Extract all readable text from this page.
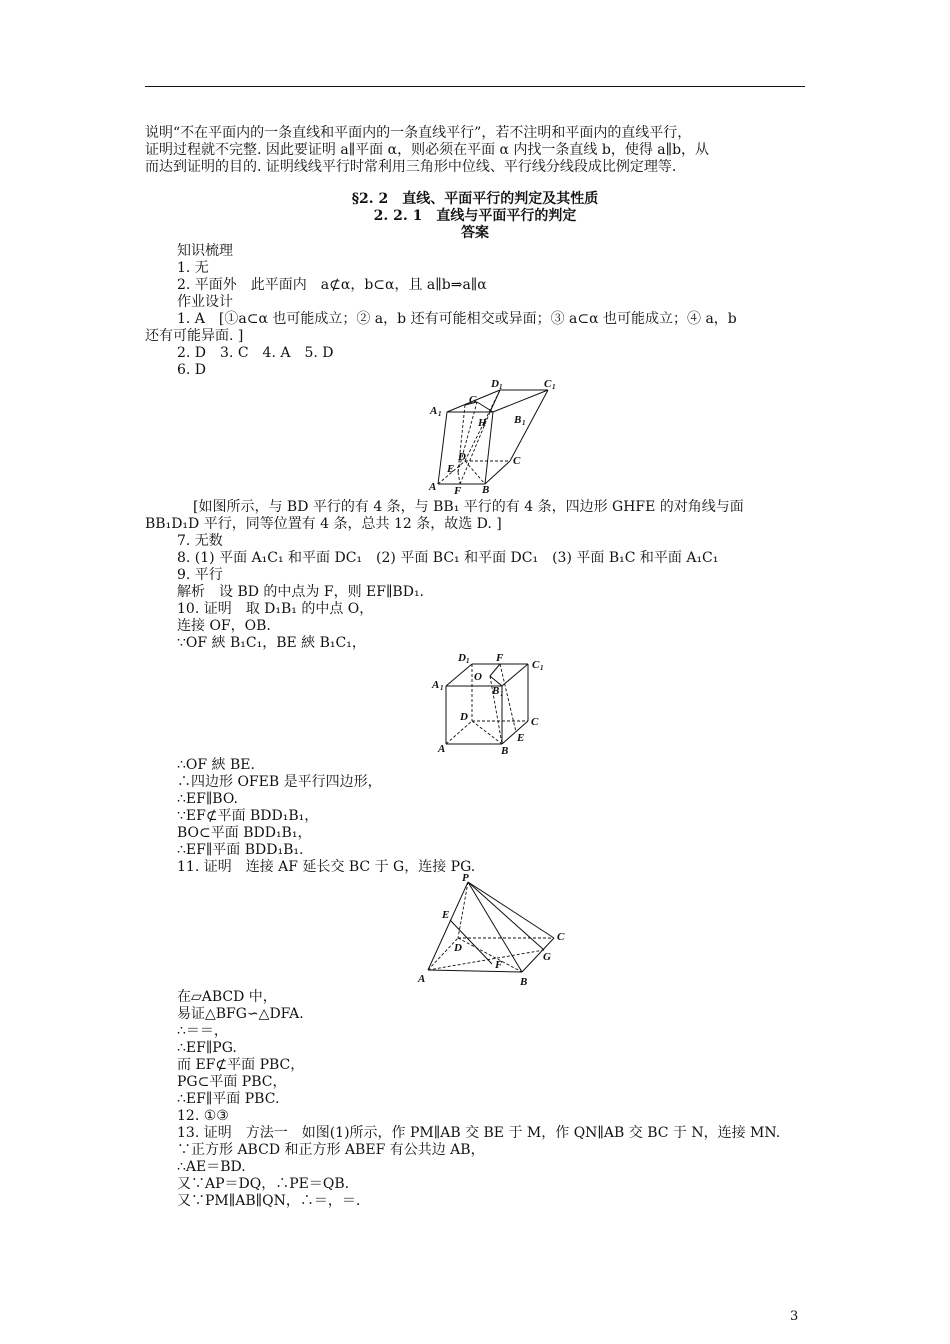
说明“不在平面内的一条直线和平面内的一条直线平行”，若不注明和平面内的直线平行，
证明过程就不完整. 因此要证明 a∥平面 α，则必须在平面 α 内找一条直线 b，使得 a∥b，从
而达到证明的目的. 证明线线平行时常利用三角形中位线、平行线分线段成比例定理等.
§2. 2　直线、平面平行的判定及其性质
2. 2. 1　直线与平面平行的判定
答案
知识梳理
1. 无
2. 平面外　此平面内　a⊄α，b⊂α，且 a∥b⇒a∥α
作业设计
1. A　[①a⊂α 也可能成立；② a，b 还有可能相交或异面；③ a⊂α 也可能成立；④ a，b
还有可能异面. ]
2. D　3. C　4. A　5. D
6. D
D 1	C 1
A 1
G
H B 1
D	C
E
A F B
[如图所示，与 BD 平行的有 4 条，与 BB₁ 平行的有 4 条，四边形 GHFE 的对角线与面
BB₁D₁D 平行，同等位置有 4 条，总共 12 条，故选 D. ]
7. 无数
8. (1) 平面 A₁C₁ 和平面 DC₁　(2) 平面 BC₁ 和平面 DC₁　(3) 平面 B₁C 和平面 A₁C₁
9. 平行
解析　设 BD 的中点为 F，则 EF∥BD₁.
10. 证明　取 D₁B₁ 的中点 O，
连接 OF，OB.
∵OF 綊 B₁C₁，BE 綊 B₁C₁，
D 1 F
C 1
A 1
O
B 1
D	C
E
A	B
∴OF 綊 BE.
∴四边形 OFEB 是平行四边形，
∴EF∥BO.
∵EF⊄平面 BDD₁B₁，
BO⊂平面 BDD₁B₁，
∴EF∥平面 BDD₁B₁.
11. 证明　连接 AF 延长交 BC 于 G，连接 PG.
P
E
D
C
G
F
A	B
在▱ABCD 中，
易证△BFG∽△DFA.
∴＝＝，
∴EF∥PG.
而 EF⊄平面 PBC，
PG⊂平面 PBC，
∴EF∥平面 PBC.
12. ①③
13. 证明　方法一　如图(1)所示，作 PM∥AB 交 BE 于 M，作 QN∥AB 交 BC 于 N，连接 MN.
∵正方形 ABCD 和正方形 ABEF 有公共边 AB，
∴AE＝BD.
又∵AP＝DQ，∴PE＝QB.
又∵PM∥AB∥QN，∴＝，＝.
3
